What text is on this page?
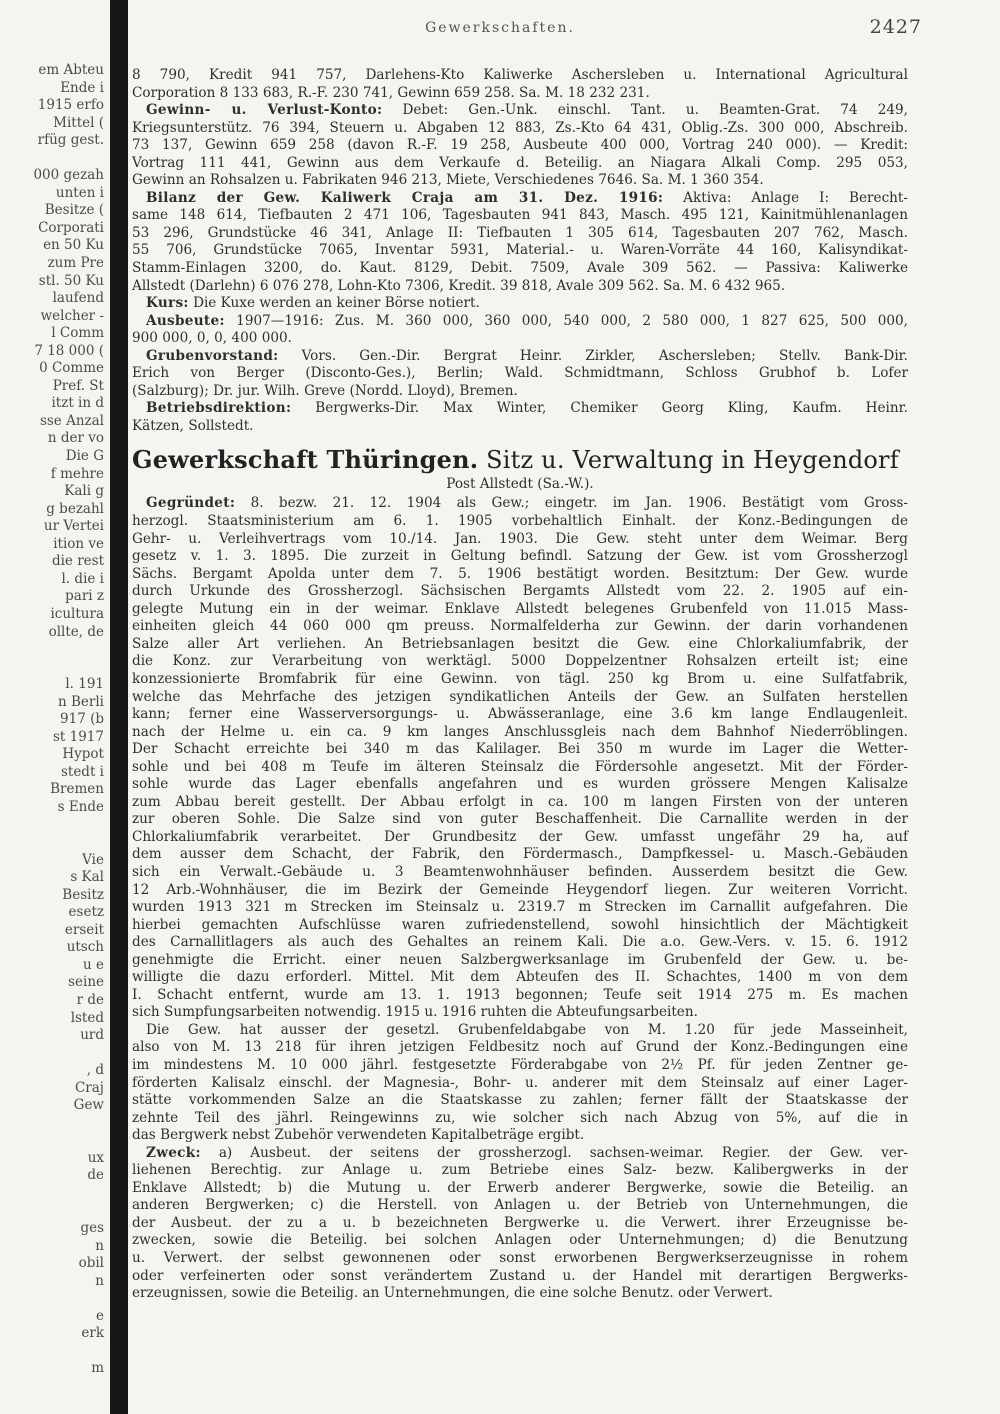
Gewerkschaften.	2427
em Abteu
Ende i
1915 erfo
Mittel (
rfüg gest.
000 gezah
unten i
Besitze (
Corporati
en 50 Ku
zum Pre
stl. 50 Ku
laufend
welcher -
l Comm
7 18 000 (
0 Comme
Pref. St
itzt in d
sse Anzal
n der vo
Die G
f mehre
Kali g
g bezahl
ur Vertei
ition ve
die rest
l. die i
pari z
icultura
ollte, de
l. 191
n Berli
917 (b
st 1917
Hypot
stedt i
Bremen
s Ende
Vie
s Kal
Besitz
esetz
erseit
utsch
u e
seine
r de
lsted
urd
, d
Craj
Gew
ux
de
ges
n
obil
n
e
erk
m

8 790, Kredit 941 757, Darlehens-Kto Kaliwerke Aschersleben u. International Agricultural
Corporation 8 133 683, R.-F. 230 741, Gewinn 659 258. Sa. M. 18 232 231.
Gewinn- u. Verlust-Konto: Debet: Gen.-Unk. einschl. Tant. u. Beamten-Grat. 74 249,
Kriegsunterstütz. 76 394, Steuern u. Abgaben 12 883, Zs.-Kto 64 431, Oblig.-Zs. 300 000, Abschreib.
73 137, Gewinn 659 258 (davon R.-F. 19 258, Ausbeute 400 000, Vortrag 240 000). — Kredit:
Vortrag 111 441, Gewinn aus dem Verkaufe d. Beteilig. an Niagara Alkali Comp. 295 053,
Gewinn an Rohsalzen u. Fabrikaten 946 213, Miete, Verschiedenes 7646. Sa. M. 1 360 354.
Bilanz der Gew. Kaliwerk Craja am 31. Dez. 1916: Aktiva: Anlage I: Berecht-
same 148 614, Tiefbauten 2 471 106, Tagesbauten 941 843, Masch. 495 121, Kainitmühlenanlagen
53 296, Grundstücke 46 341, Anlage II: Tiefbauten 1 305 614, Tagesbauten 207 762, Masch.
55 706, Grundstücke 7065, Inventar 5931, Material.- u. Waren-Vorräte 44 160, Kalisyndikat-
Stamm-Einlagen 3200, do. Kaut. 8129, Debit. 7509, Avale 309 562. — Passiva: Kaliwerke
Allstedt (Darlehn) 6 076 278, Lohn-Kto 7306, Kredit. 39 818, Avale 309 562. Sa. M. 6 432 965.
Kurs: Die Kuxe werden an keiner Börse notiert.
Ausbeute: 1907—1916: Zus. M. 360 000, 360 000, 540 000, 2 580 000, 1 827 625, 500 000,
900 000, 0, 0, 400 000.
Grubenvorstand: Vors. Gen.-Dir. Bergrat Heinr. Zirkler, Aschersleben; Stellv. Bank-Dir.
Erich von Berger (Disconto-Ges.), Berlin; Wald. Schmidtmann, Schloss Grubhof b. Lofer
(Salzburg); Dr. jur. Wilh. Greve (Nordd. Lloyd), Bremen.
Betriebsdirektion: Bergwerks-Dir. Max Winter, Chemiker Georg Kling, Kaufm. Heinr.
Kätzen, Sollstedt.

Gewerkschaft Thüringen. Sitz u. Verwaltung in Heygendorf
Post Allstedt (Sa.-W.).

Gegründet: 8. bezw. 21. 12. 1904 als Gew.; eingetr. im Jan. 1906. Bestätigt vom Gross-
herzogl. Staatsministerium am 6. 1. 1905 vorbehaltlich Einhalt. der Konz.-Bedingungen de
Gehr- u. Verleihvertrags vom 10./14. Jan. 1903. Die Gew. steht unter dem Weimar. Berg
gesetz v. 1. 3. 1895. Die zurzeit in Geltung befindl. Satzung der Gew. ist vom Grossherzogl
Sächs. Bergamt Apolda unter dem 7. 5. 1906 bestätigt worden. Besitztum: Der Gew. wurde
durch Urkunde des Grossherzogl. Sächsischen Bergamts Allstedt vom 22. 2. 1905 auf ein-
gelegte Mutung ein in der weimar. Enklave Allstedt belegenes Grubenfeld von 11.015 Mass-
einheiten gleich 44 060 000 qm preuss. Normalfelderha zur Gewinn. der darin vorhandenen
Salze aller Art verliehen. An Betriebsanlagen besitzt die Gew. eine Chlorkaliumfabrik, der
die Konz. zur Verarbeitung von werktägl. 5000 Doppelzentner Rohsalzen erteilt ist; eine
konzessionierte Bromfabrik für eine Gewinn. von tägl. 250 kg Brom u. eine Sulfatfabrik,
welche das Mehrfache des jetzigen syndikatlichen Anteils der Gew. an Sulfaten herstellen
kann; ferner eine Wasserversorgungs- u. Abwässeranlage, eine 3.6 km lange Endlaugenleit.
nach der Helme u. ein ca. 9 km langes Anschlussgleis nach dem Bahnhof Niederröblingen.
Der Schacht erreichte bei 340 m das Kalilager. Bei 350 m wurde im Lager die Wetter-
sohle und bei 408 m Teufe im älteren Steinsalz die Fördersohle angesetzt. Mit der Förder-
sohle wurde das Lager ebenfalls angefahren und es wurden grössere Mengen Kalisalze
zum Abbau bereit gestellt. Der Abbau erfolgt in ca. 100 m langen Firsten von der unteren
zur oberen Sohle. Die Salze sind von guter Beschaffenheit. Die Carnallite werden in der
Chlorkaliumfabrik verarbeitet. Der Grundbesitz der Gew. umfasst ungefähr 29 ha, auf
dem ausser dem Schacht, der Fabrik, den Fördermasch., Dampfkessel- u. Masch.-Gebäuden
sich ein Verwalt.-Gebäude u. 3 Beamtenwohnhäuser befinden. Ausserdem besitzt die Gew.
12 Arb.-Wohnhäuser, die im Bezirk der Gemeinde Heygendorf liegen. Zur weiteren Vorricht.
wurden 1913 321 m Strecken im Steinsalz u. 2319.7 m Strecken im Carnallit aufgefahren. Die
hierbei gemachten Aufschlüsse waren zufriedenstellend, sowohl hinsichtlich der Mächtigkeit
des Carnallitlagers als auch des Gehaltes an reinem Kali. Die a.o. Gew.-Vers. v. 15. 6. 1912
genehmigte die Erricht. einer neuen Salzbergwerksanlage im Grubenfeld der Gew. u. be-
willigte die dazu erforderl. Mittel. Mit dem Abteufen des II. Schachtes, 1400 m von dem
I. Schacht entfernt, wurde am 13. 1. 1913 begonnen; Teufe seit 1914 275 m. Es machen
sich Sumpfungsarbeiten notwendig. 1915 u. 1916 ruhten die Abteufungsarbeiten.
Die Gew. hat ausser der gesetzl. Grubenfeldabgabe von M. 1.20 für jede Masseinheit,
also von M. 13 218 für ihren jetzigen Feldbesitz noch auf Grund der Konz.-Bedingungen eine
im mindestens M. 10 000 jährl. festgesetzte Förderabgabe von 2½ Pf. für jeden Zentner ge-
förderten Kalisalz einschl. der Magnesia-, Bohr- u. anderer mit dem Steinsalz auf einer Lager-
stätte vorkommenden Salze an die Staatskasse zu zahlen; ferner fällt der Staatskasse der
zehnte Teil des jährl. Reingewinns zu, wie solcher sich nach Abzug von 5%, auf die in
das Bergwerk nebst Zubehör verwendeten Kapitalbeträge ergibt.
Zweck: a) Ausbeut. der seitens der grossherzogl. sachsen-weimar. Regier. der Gew. ver-
liehenen Berechtig. zur Anlage u. zum Betriebe eines Salz- bezw. Kalibergwerks in der
Enklave Allstedt; b) die Mutung u. der Erwerb anderer Bergwerke, sowie die Beteilig. an
anderen Bergwerken; c) die Herstell. von Anlagen u. der Betrieb von Unternehmungen, die
der Ausbeut. der zu a u. b bezeichneten Bergwerke u. die Verwert. ihrer Erzeugnisse be-
zwecken, sowie die Beteilig. bei solchen Anlagen oder Unternehmungen; d) die Benutzung
u. Verwert. der selbst gewonnenen oder sonst erworbenen Bergwerkserzeugnisse in rohem
oder verfeinerten oder sonst verändertem Zustand u. der Handel mit derartigen Bergwerks-
erzeugnissen, sowie die Beteilig. an Unternehmungen, die eine solche Benutz. oder Verwert.
